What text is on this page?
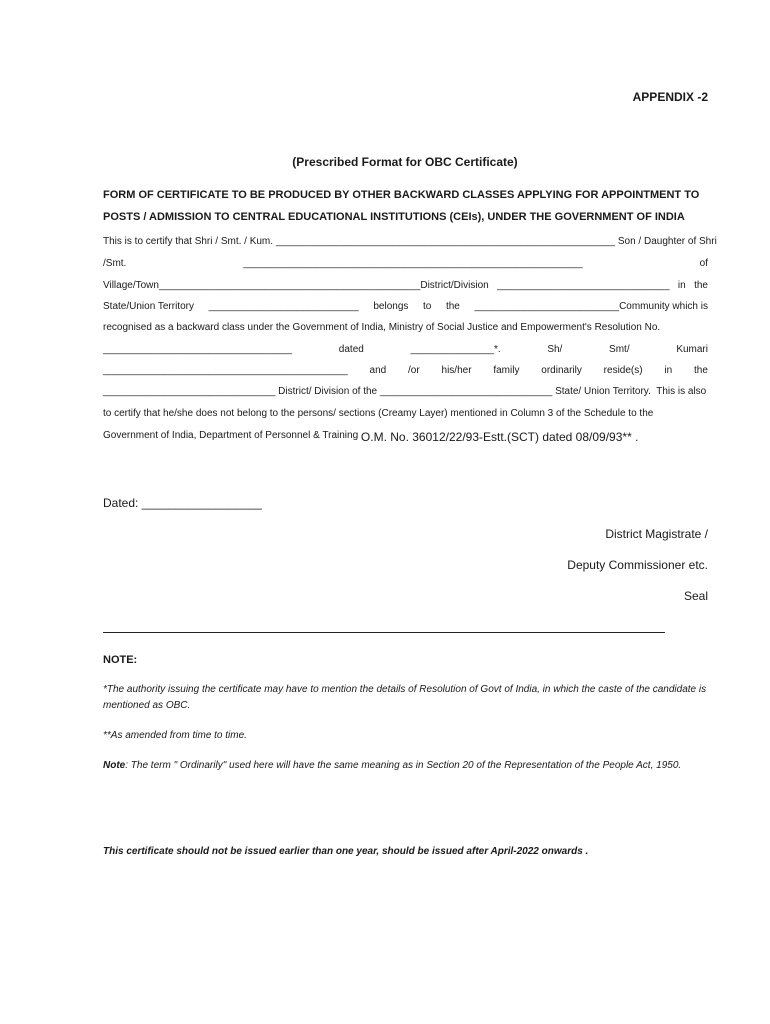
APPENDIX -2
(Prescribed Format for OBC Certificate)
FORM OF CERTIFICATE TO BE PRODUCED BY OTHER BACKWARD CLASSES APPLYING FOR APPOINTMENT TO POSTS / ADMISSION TO CENTRAL EDUCATIONAL INSTITUTIONS (CEIs), UNDER THE GOVERNMENT OF INDIA
This is to certify that Shri / Smt. / Kum. _____________________________________________________________ Son / Daughter of Shri
/Smt.	_____________________________________________________________	of
Village/Town_______________________________________________District/Division _______________________________ in the
State/Union Territory ___________________________ belongs to the __________________________Community which is
recognised as a backward class under the Government of India, Ministry of Social Justice and Empowerment's Resolution No.
__________________________________	dated	_______________*.	Sh/	Smt/	Kumari
____________________________________________ and /or his/her family ordinarily reside(s) in the
_______________________________ District/ Division of the _______________________________ State/ Union Territory.  This is also
to certify that he/she does not belong to the persons/ sections (Creamy Layer) mentioned in Column 3 of the Schedule to the
Government of India, Department of Personnel & Training O.M. No. 36012/22/93-Estt.(SCT) dated 08/09/93** .
Dated: __________________
District Magistrate /
Deputy Commissioner etc.
Seal
NOTE:
*The authority issuing the certificate may have to mention the details of Resolution of Govt of India, in which the caste of the candidate is mentioned as OBC.
**As amended from time to time.
Note: The term " Ordinarily" used here will have the same meaning as in Section 20 of the Representation of the People Act, 1950.
This certificate should not be issued earlier than one year, should be issued after April-2022 onwards .
